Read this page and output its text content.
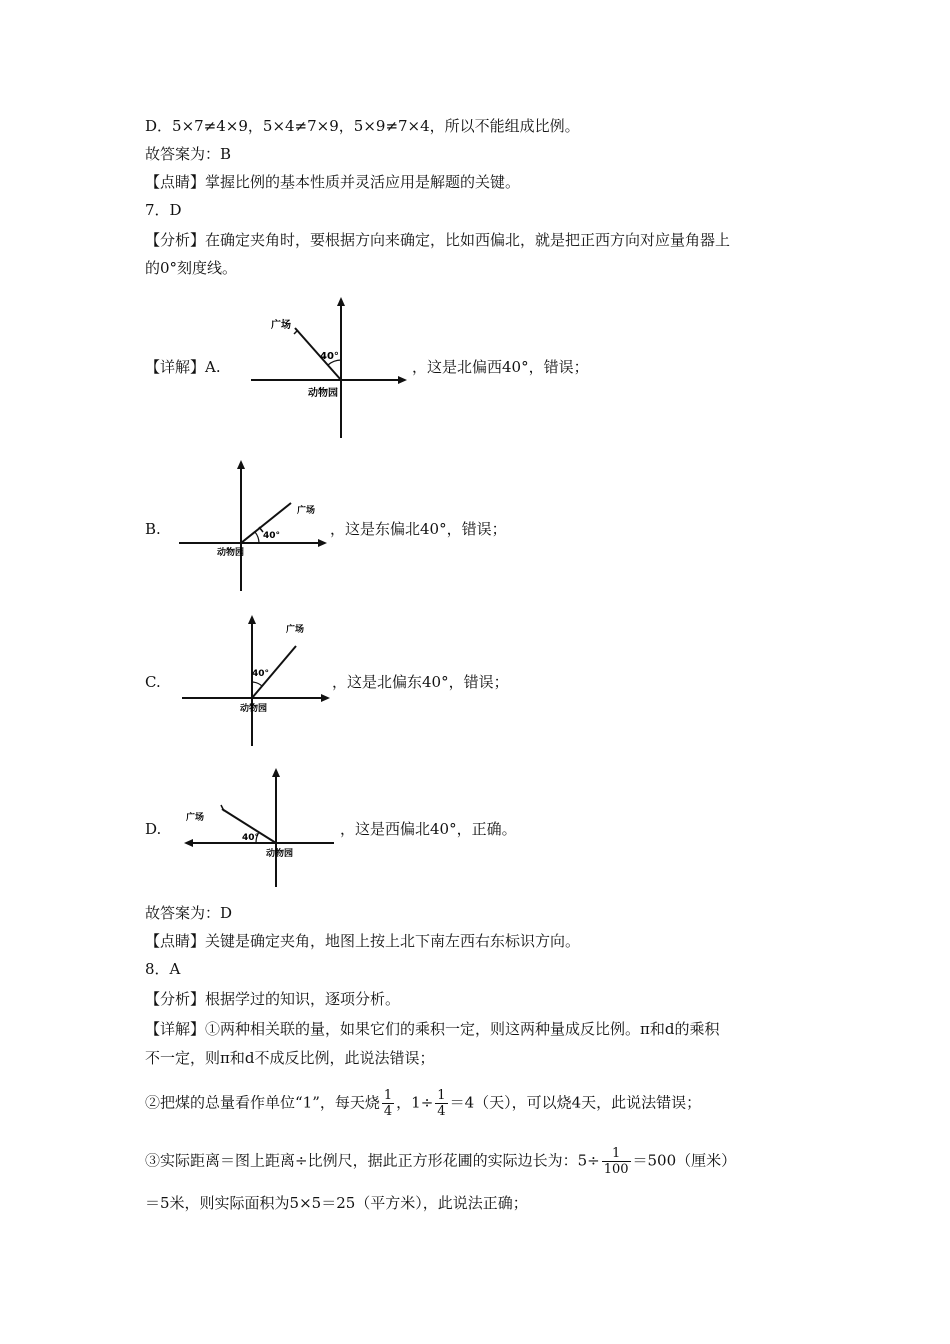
D．5×7≠4×9，5×4≠7×9，5×9≠7×4，所以不能组成比例。
故答案为：B
【点睛】掌握比例的基本性质并灵活应用是解题的关键。
7．D
【分析】在确定夹角时，要根据方向来确定，比如西偏北，就是把正西方向对应量角器上
的0°刻度线。
【详解】A.
广场
40°
动物园
，这是北偏西40°，错误；
B.
广场
40°
动物园
，这是东偏北40°，错误；
C.
广场
40°
动物园
，这是北偏东40°，错误；
D.
广场
40°
动物园
，这是西偏北40°，正确。
故答案为：D
【点睛】关键是确定夹角，地图上按上北下南左西右东标识方向。
8．A
【分析】根据学过的知识，逐项分析。
【详解】①两种相关联的量，如果它们的乘积一定，则这两种量成反比例。π和d的乘积
不一定，则π和d不成反比例，此说法错误；
②把煤的总量看作单位“1”，每天烧 $\frac{1}{4}$ ，$1\div \frac{1}{4} =4$（天），可以烧4天，此说法错误；
③实际距离＝图上距离÷比例尺，据此正方形花圃的实际边长为：$5\div \frac{1}{100} =500$（厘米）
＝5米，则实际面积为5×5＝25（平方米），此说法正确；
